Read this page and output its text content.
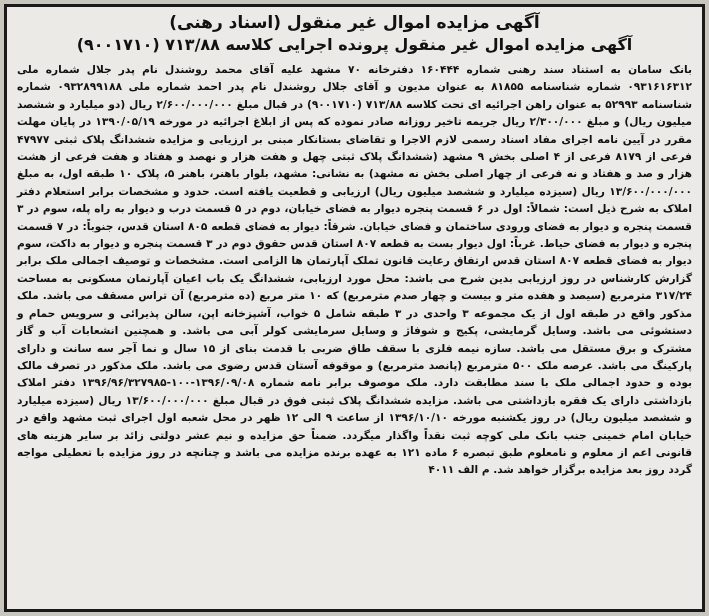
آگهی مزایده اموال غیر منقول (اسناد رهنی)
آگهی مزایده اموال غیر منقول پرونده اجرایی کلاسه ۷۱۳/۸۸ (۹۰۰۱۷۱۰)

بانک سامان به استناد سند رهنی شماره ۱۶۰۴۴۴ دفترخانه ۷۰ مشهد علیه آقای محمد روشندل نام پدر جلال شماره ملی ۰۹۳۱۶۱۶۳۱۲ شماره شناسنامه ۸۱۸۵۵ به عنوان مدیون و آقای جلال روشندل نام پدر احمد شماره ملی ۰۹۳۲۸۹۹۱۸۸ شماره شناسنامه ۵۲۹۹۳ به عنوان راهن اجرائیه ای تحت کلاسه ۷۱۳/۸۸ (۹۰۰۱۷۱۰) در قبال مبلغ ۲/۶۰۰/۰۰۰/۰۰۰ ریال (دو میلیارد و ششصد میلیون ریال) و مبلغ ۲/۳۰۰/۰۰۰ ریال جریمه تاخیر روزانه صادر نموده که پس از ابلاغ اجرائیه در مورخه ۱۳۹۰/۰۵/۱۹ در پایان مهلت مقرر در آیین نامه اجرای مفاد اسناد رسمی لازم الاجرا و تقاضای بستانکار مبنی بر ارزیابی و مزایده ششدانگ پلاک ثبتی ۴۷۹۷۷ فرعی از ۸۱۷۹ فرعی از ۴ اصلی بخش ۹ مشهد (ششدانگ پلاک ثبتی چهل و هفت هزار و نهصد و هفتاد و هفت فرعی از هشت هزار و صد و هفتاد و نه فرعی از چهار اصلی بخش نه مشهد) به نشانی: مشهد، بلوار باهنر، باهنر ۵، پلاک ۱۰ طبقه اول، به مبلغ ۱۳/۶۰۰/۰۰۰/۰۰۰ ریال (سیزده میلیارد و ششصد میلیون ریال) ارزیابی و قطعیت یافته است. حدود و مشخصات برابر استعلام دفتر املاک به شرح ذیل است: شمالاً: اول در ۶ قسمت پنجره دیوار به فضای خیابان، دوم در ۵ قسمت درب و دیوار به راه پله، سوم در ۳ قسمت پنجره و دیوار به فضای ورودی ساختمان و فضای خیابان. شرقاً: دیوار به فضای قطعه ۸۰۵ استان قدس، جنوباً: در ۷ قسمت پنجره و دیوار به فضای حیاط. غرباً: اول دیوار بست به قطعه ۸۰۷ استان قدس حقوق دوم در ۳ قسمت پنجره و دیوار به داکت، سوم دیوار به فضای قطعه ۸۰۷ استان قدس ارتفاق رعایت قانون تملک آپارتمان ها الزامی است. مشخصات و توصیف اجمالی ملک برابر گزارش کارشناس در روز ارزیابی بدین شرح می باشد: محل مورد ارزیابی، ششدانگ یک باب اعیان آپارتمان مسکونی به مساحت ۳۱۷/۲۴ مترمربع (سیصد و هفده متر و بیست و چهار صدم مترمربع) که ۱۰ متر مربع (ده مترمربع) آن تراس مسقف می باشد. ملک مذکور واقع در طبقه اول از یک مجموعه ۳ واحدی در ۳ طبقه شامل ۵ خواب، آشپزخانه اپن، سالن پذیرائی و سرویس حمام و دستشوئی می باشد. وسایل گرمایشی، پکیج و شوفاژ و وسایل سرمایشی کولر آبی می باشد. و همچنین انشعابات آب و گاز مشترک و برق مستقل می باشد. سازه نیمه فلزی با سقف طاق ضربی با قدمت بنای از ۱۵ سال و نما آجر سه سانت و دارای پارکینگ می باشد. عرصه ملک ۵۰۰ مترمربع (پانصد مترمربع) و موقوفه آستان قدس رضوی می باشد. ملک مذکور در تصرف مالک بوده و حدود اجمالی ملک با سند مطابقت دارد. ملک موصوف برابر نامه شماره ۱۳۹۶/۰۹/۰۸-۱۰۰-۱۳۹۶/۹۶/۳۲۷۹۸۵ دفتر املاک بازداشتی دارای یک فقره بازداشتی می باشد. مزایده ششدانگ پلاک ثبتی فوق در قبال مبلغ ۱۳/۶۰۰/۰۰۰/۰۰۰ ریال (سیزده میلیارد و ششصد میلیون ریال) در روز یکشنبه مورخه ۱۳۹۶/۱۰/۱۰ از ساعت ۹ الی ۱۲ ظهر در محل شعبه اول اجرای ثبت مشهد واقع در خیابان امام خمینی جنب بانک ملی کوچه ثبت نقداً واگذار میگردد. ضمناً حق مزایده و نیم عشر دولتی زائد بر سایر هزینه های قانونی اعم از معلوم و نامعلوم طبق تبصره ۶ ماده ۱۲۱ به عهده برنده مزایده می باشد و چنانچه در روز مزایده با تعطیلی مواجه گردد روز بعد مزایده برگزار خواهد شد. م الف ۴۰۱۱
